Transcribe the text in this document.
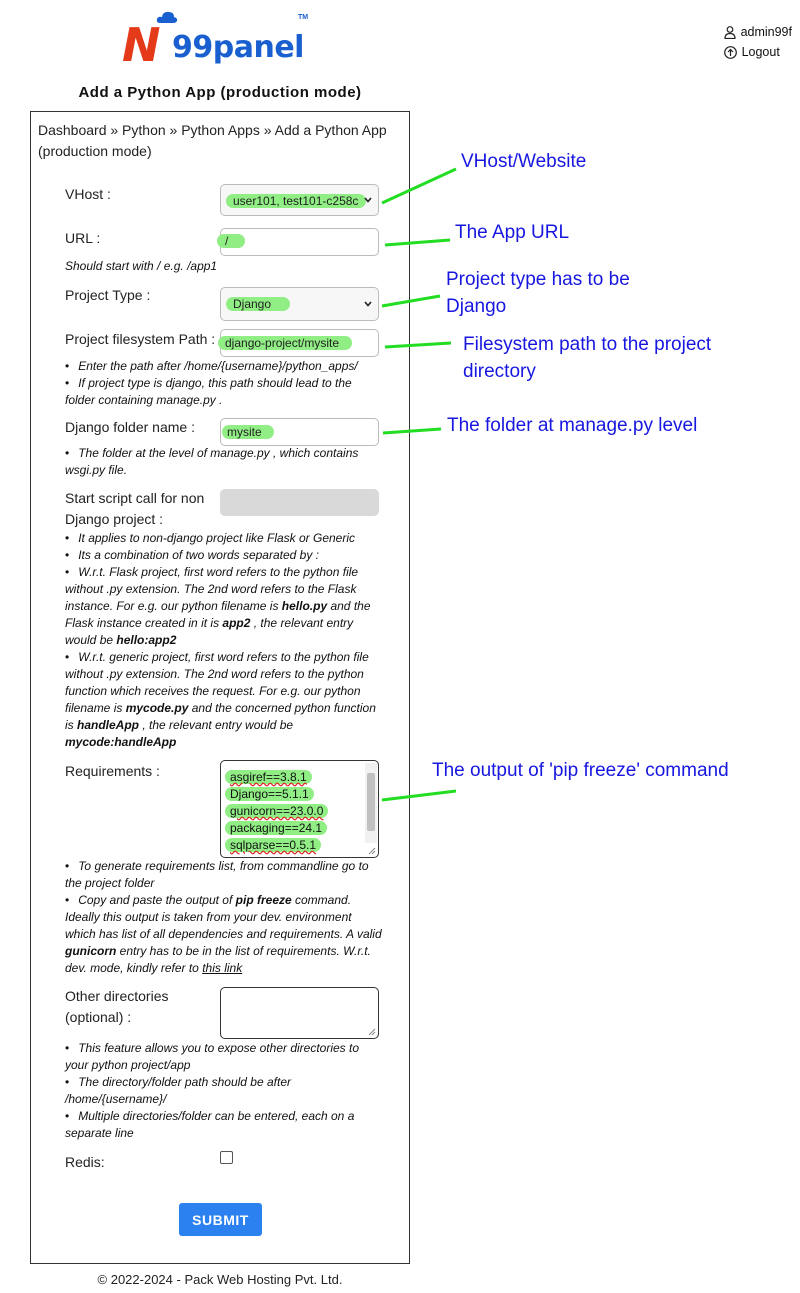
N 99panel
TM
admin99f
Logout
Add a Python App (production mode)
Dashboard » Python » Python Apps » Add a Python App (production mode)
VHost :	user101, test101-c258c
URL :	/
Should start with / e.g. /app1
Project Type :
Django
Project filesystem Path : django-project/mysite
• Enter the path after /home/{username}/python_apps/
• If project type is django, this path should lead to the folder containing manage.py .
Django folder name :	mysite
• The folder at the level of manage.py , which contains wsgi.py file.
Start script call for non Django project :
• It applies to non-django project like Flask or Generic
• Its a combination of two words separated by :
• W.r.t. Flask project, first word refers to the python file without .py extension. The 2nd word refers to the Flask instance. For e.g. our python filename is hello.py and the Flask instance created in it is app2 , the relevant entry would be hello:app2
• W.r.t. generic project, first word refers to the python file without .py extension. The 2nd word refers to the python function which receives the request. For e.g. our python filename is mycode.py and the concerned python function is handleApp , the relevant entry would be mycode:handleApp
Requirements :	asgiref==3.8.1
Django==5.1.1
gunicorn==23.0.0
packaging==24.1
sqlparse==0.5.1
• To generate requirements list, from commandline go to the project folder
• Copy and paste the output of pip freeze command. Ideally this output is taken from your dev. environment which has list of all dependencies and requirements. A valid gunicorn entry has to be in the list of requirements. W.r.t. dev. mode, kindly refer to this link
Other directories (optional) :
• This feature allows you to expose other directories to your python project/app
• The directory/folder path should be after /home/{username}/
• Multiple directories/folder can be entered, each on a separate line
Redis:
SUBMIT
© 2022-2024 - Pack Web Hosting Pvt. Ltd.
VHost/Website
The App URL
Project type has to be Django
Filesystem path to the project directory
The folder at manage.py level
The output of 'pip freeze' command
